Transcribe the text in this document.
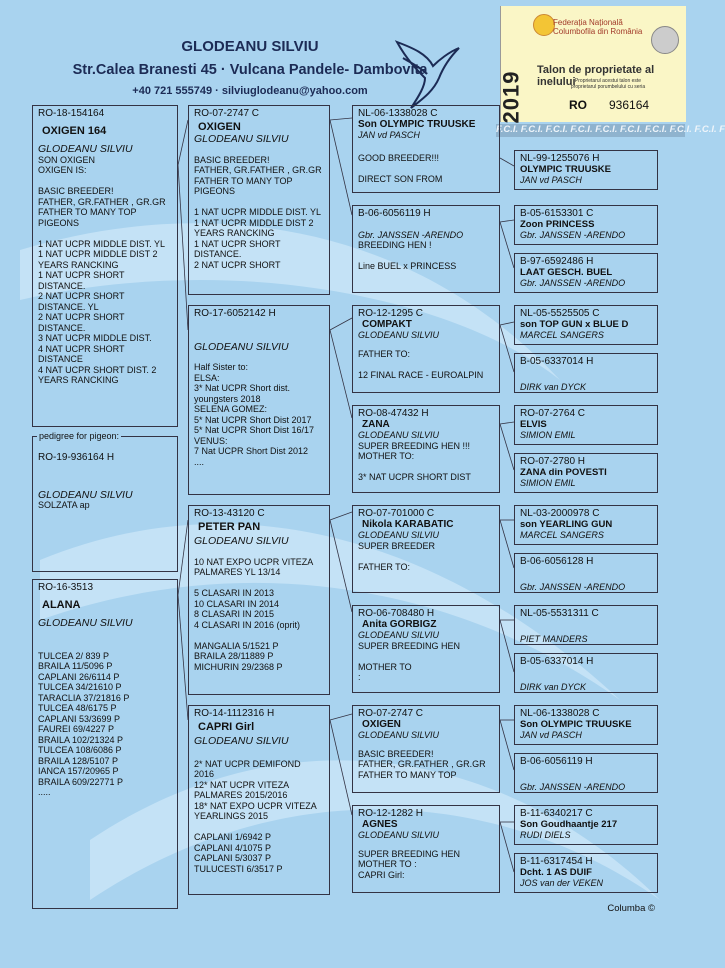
GLODEANU SILVIU
Str.Calea Branesti 45 · Vulcana Pandele- Dambovita
+40 721 555749 · silviuglodeanu@yahoo.com
Federația Națională
Columbofila din România
2019
Talon de proprietate al inelului Proprietarul acestui talon este
proprietarul porumbelului cu seria
RO 936164
F.C.I. F.C.I. F.C.I. F.C.I. F.C.I. F.C.I. F.C.I. F.C.I. F.C.I. F
RO-18-154164
OXIGEN 164
GLODEANU SILVIU
SON OXIGEN
OXIGEN IS:

BASIC BREEDER!
FATHER, GR.FATHER , GR.GR
FATHER TO MANY TOP
PIGEONS

1 NAT UCPR MIDDLE DIST. YL
1 NAT UCPR MIDDLE DIST 2
YEARS RANCKING
1 NAT UCPR SHORT
DISTANCE.
2 NAT UCPR SHORT
DISTANCE. YL
2 NAT UCPR SHORT
DISTANCE.
3 NAT UCPR MIDDLE DIST.
4 NAT UCPR SHORT
DISTANCE
4 NAT UCPR SHORT DIST. 2
YEARS RANCKING
RO-19-936164 H
GLODEANU SILVIU
SOLZATA ap
pedigree for pigeon:
RO-16-3513
ALANA
GLODEANU SILVIU
TULCEA 2/ 839 P
BRAILA 11/5096 P
CAPLANI 26/6114 P
TULCEA 34/21610 P
TARACLIA 37/21816 P
TULCEA 48/6175 P
CAPLANI 53/3699 P
FAUREI 69/4227 P
BRAILA 102/21324 P
TULCEA 108/6086 P
BRAILA 128/5107 P
IANCA 157/20965 P
BRAILA 609/22771 P
.....
RO-07-2747 C
OXIGEN
GLODEANU SILVIU
BASIC BREEDER!
FATHER, GR.FATHER , GR.GR
FATHER TO MANY TOP
PIGEONS

1 NAT UCPR MIDDLE DIST. YL
1 NAT UCPR MIDDLE DIST 2
YEARS RANCKING
1 NAT UCPR SHORT
DISTANCE.
2 NAT UCPR SHORT
RO-17-6052142 H
GLODEANU SILVIU
Half Sister to:
ELSA:
3* Nat UCPR Short dist.
youngsters 2018
SELENA GOMEZ:
5* Nat UCPR Short Dist 2017
5* Nat UCPR Short Dist 16/17
VENUS:
7 Nat UCPR Short Dist 2012
....
RO-13-43120 C
PETER PAN
GLODEANU SILVIU
10 NAT EXPO UCPR VITEZA
PALMARES YL 13/14

5 CLASARI IN 2013
10 CLASARI IN 2014
8 CLASARI IN 2015
4 CLASARI IN 2016 (oprit)

MANGALIA 5/1521 P
BRAILA 28/11889 P
MICHURIN 29/2368 P
RO-14-1112316 H
CAPRI Girl
GLODEANU SILVIU
2* NAT UCPR DEMIFOND
2016
12* NAT UCPR VITEZA
PALMARES 2015/2016
18* NAT EXPO UCPR VITEZA
YEARLINGS 2015

CAPLANI 1/6942 P
CAPLANI 4/1075 P
CAPLANI 5/3037 P
TULUCESTI 6/3517 P
NL-06-1338028 C
Son OLYMPIC TRUUSKE
JAN vd PASCH
GOOD BREEDER!!!

DIRECT SON FROM
B-06-6056119 H
Gbr. JANSSEN -ARENDO
BREEDING HEN !

Line BUEL x PRINCESS
RO-12-1295 C
COMPAKT
GLODEANU SILVIU
FATHER TO:

12 FINAL RACE - EUROALPIN
RO-08-47432 H
ZANA
GLODEANU SILVIU
SUPER BREEDING HEN !!!
MOTHER TO:

3* NAT UCPR SHORT DIST
RO-07-701000 C
Nikola KARABATIC
GLODEANU SILVIU
SUPER BREEDER

FATHER TO:
RO-06-708480 H
Anita GORBIGZ
GLODEANU SILVIU
SUPER BREEDING HEN

MOTHER TO
:
RO-07-2747 C
OXIGEN
GLODEANU SILVIU
BASIC BREEDER!
FATHER, GR.FATHER , GR.GR
FATHER TO MANY TOP
RO-12-1282 H
AGNES
GLODEANU SILVIU
SUPER BREEDING HEN
MOTHER TO :
CAPRI Girl:
NL-99-1255076 H
OLYMPIC TRUUSKE
JAN vd PASCH
B-05-6153301 C
Zoon PRINCESS
Gbr. JANSSEN -ARENDO
B-97-6592486 H
LAAT GESCH. BUEL
Gbr. JANSSEN -ARENDO
NL-05-5525505 C
son TOP GUN x BLUE D
MARCEL SANGERS
B-05-6337014 H
DIRK van DYCK
RO-07-2764 C
ELVIS
SIMION EMIL
RO-07-2780 H
ZANA din POVESTI
SIMION EMIL
NL-03-2000978 C
son YEARLING GUN
MARCEL SANGERS
B-06-6056128 H
Gbr. JANSSEN -ARENDO
NL-05-5531311 C
PIET MANDERS
B-05-6337014 H
DIRK van DYCK
NL-06-1338028 C
Son OLYMPIC TRUUSKE
JAN vd PASCH
B-06-6056119 H
Gbr. JANSSEN -ARENDO
B-11-6340217 C
Son Goudhaantje 217
RUDI DIELS
B-11-6317454 H
Dcht. 1 AS DUIF
JOS van der VEKEN
Columba ©
